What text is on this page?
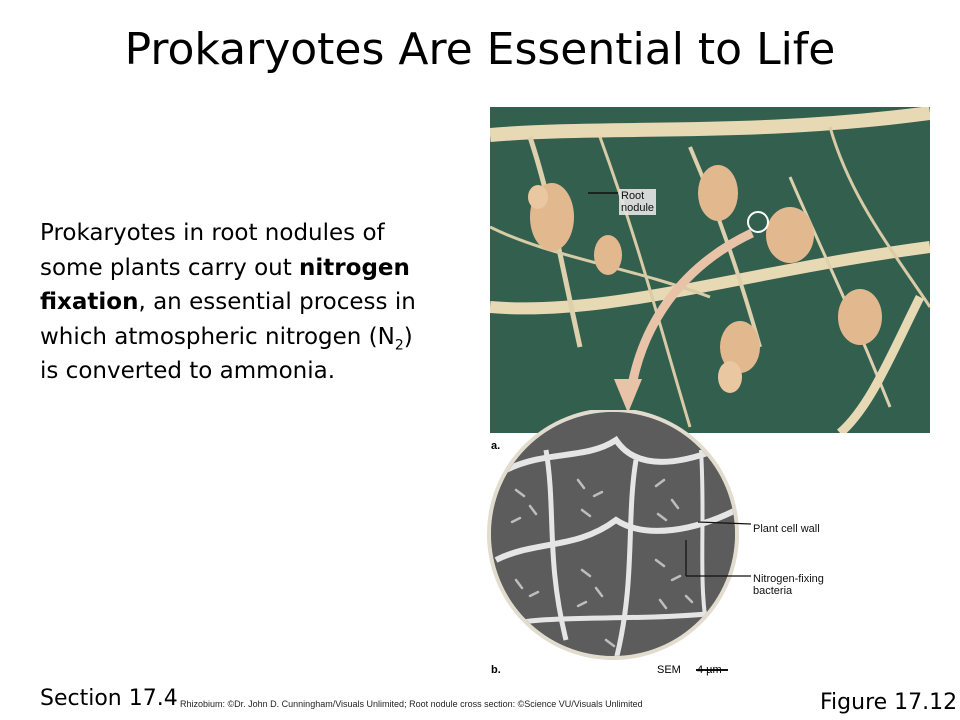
Prokaryotes Are Essential to Life
Prokaryotes in root nodules of some plants carry out nitrogen fixation, an essential process in which atmospheric nitrogen $(N_2)$ is converted to ammonia.
Root
nodule
a.
Plant cell wall
Nitrogen-fixing bacteria
b.	SEM 4 µm
Section 17.4 Rhizobium: ©Dr. John D. Cunningham/Visuals Unlimited; Root nodule cross section: ©Science VU/Visuals Unlimited	Figure 17.12
